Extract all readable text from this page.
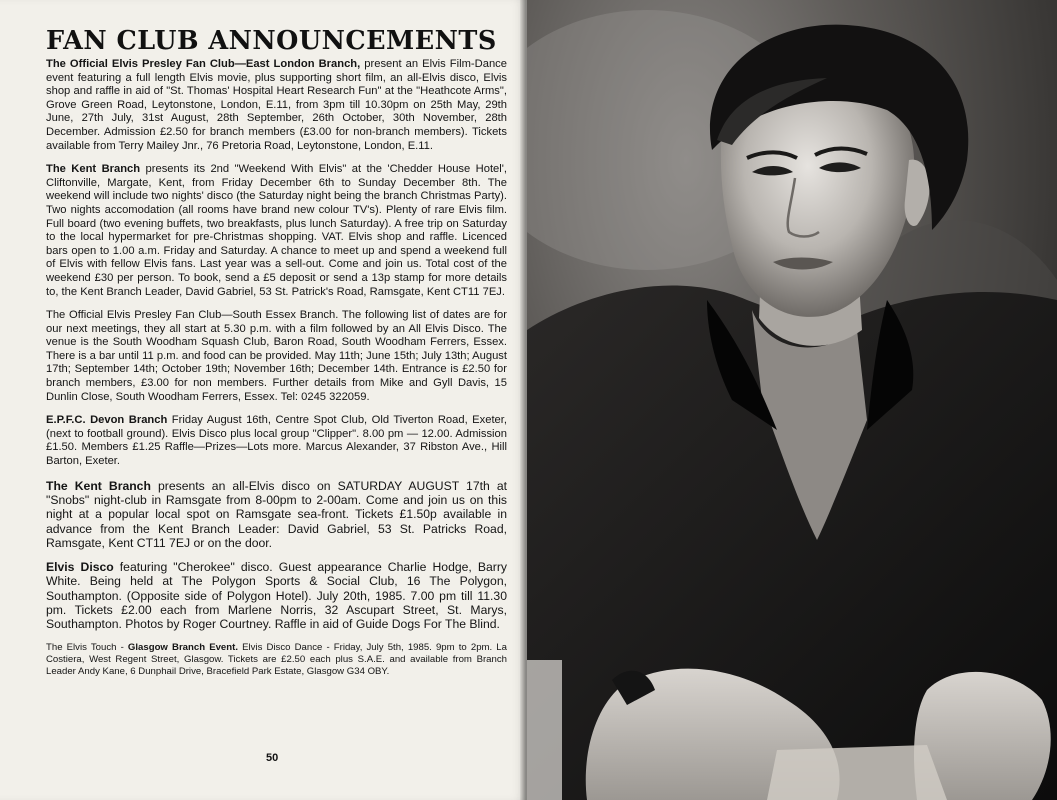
FAN CLUB ANNOUNCEMENTS

The Official Elvis Presley Fan Club—East London Branch, present an Elvis Film-Dance event featuring a full length Elvis movie, plus supporting short film, an all-Elvis disco, Elvis shop and raffle in aid of "St. Thomas' Hospital Heart Research Fun" at the "Heathcote Arms", Grove Green Road, Leytonstone, London, E.11, from 3pm till 10.30pm on 25th May, 29th June, 27th July, 31st August, 28th September, 26th October, 30th November, 28th December. Admission £2.50 for branch members (£3.00 for non-branch members). Tickets available from Terry Mailey Jnr., 76 Pretoria Road, Leytonstone, London, E.11.

The Kent Branch presents its 2nd "Weekend With Elvis" at the 'Chedder House Hotel', Cliftonville, Margate, Kent, from Friday December 6th to Sunday December 8th. The weekend will include two nights' disco (the Saturday night being the branch Christmas Party). Two nights accomodation (all rooms have brand new colour TV's). Plenty of rare Elvis film. Full board (two evening buffets, two breakfasts, plus lunch Saturday). A free trip on Saturday to the local hypermarket for pre-Christmas shopping. VAT. Elvis shop and raffle. Licenced bars open to 1.00 a.m. Friday and Saturday. A chance to meet up and spend a weekend full of Elvis with fellow Elvis fans. Last year was a sell-out. Come and join us. Total cost of the weekend £30 per person. To book, send a £5 deposit or send a 13p stamp for more details to, the Kent Branch Leader, David Gabriel, 53 St. Patrick's Road, Ramsgate, Kent CT11 7EJ.

The Official Elvis Presley Fan Club—South Essex Branch. The following list of dates are for our next meetings, they all start at 5.30 p.m. with a film followed by an All Elvis Disco. The venue is the South Woodham Squash Club, Baron Road, South Woodham Ferrers, Essex. There is a bar until 11 p.m. and food can be provided. May 11th; June 15th; July 13th; August 17th; September 14th; October 19th; November 16th; December 14th. Entrance is £2.50 for branch members, £3.00 for non members. Further details from Mike and Gyll Davis, 15 Dunlin Close, South Woodham Ferrers, Essex. Tel: 0245 322059.

E.P.F.C. Devon Branch Friday August 16th, Centre Spot Club, Old Tiverton Road, Exeter, (next to football ground). Elvis Disco plus local group "Clipper". 8.00 pm — 12.00. Admission £1.50. Members £1.25 Raffle—Prizes—Lots more. Marcus Alexander, 37 Ribston Ave., Hill Barton, Exeter.

The Kent Branch presents an all-Elvis disco on SATURDAY AUGUST 17th at "Snobs" night-club in Ramsgate from 8-00pm to 2-00am. Come and join us on this night at a popular local spot on Ramsgate sea-front. Tickets £1.50p available in advance from the Kent Branch Leader: David Gabriel, 53 St. Patricks Road, Ramsgate, Kent CT11 7EJ or on the door.

Elvis Disco featuring "Cherokee" disco. Guest appearance Charlie Hodge, Barry White. Being held at The Polygon Sports & Social Club, 16 The Polygon, Southampton. (Opposite side of Polygon Hotel). July 20th, 1985. 7.00 pm till 11.30 pm. Tickets £2.00 each from Marlene Norris, 32 Ascupart Street, St. Marys, Southampton. Photos by Roger Courtney. Raffle in aid of Guide Dogs For The Blind.

The Elvis Touch - Glasgow Branch Event. Elvis Disco Dance - Friday, July 5th, 1985. 9pm to 2pm. La Costiera, West Regent Street, Glasgow. Tickets are £2.50 each plus S.A.E. and available from Branch Leader Andy Kane, 6 Dunphail Drive, Bracefield Park Estate, Glasgow G34 OBY.

50
